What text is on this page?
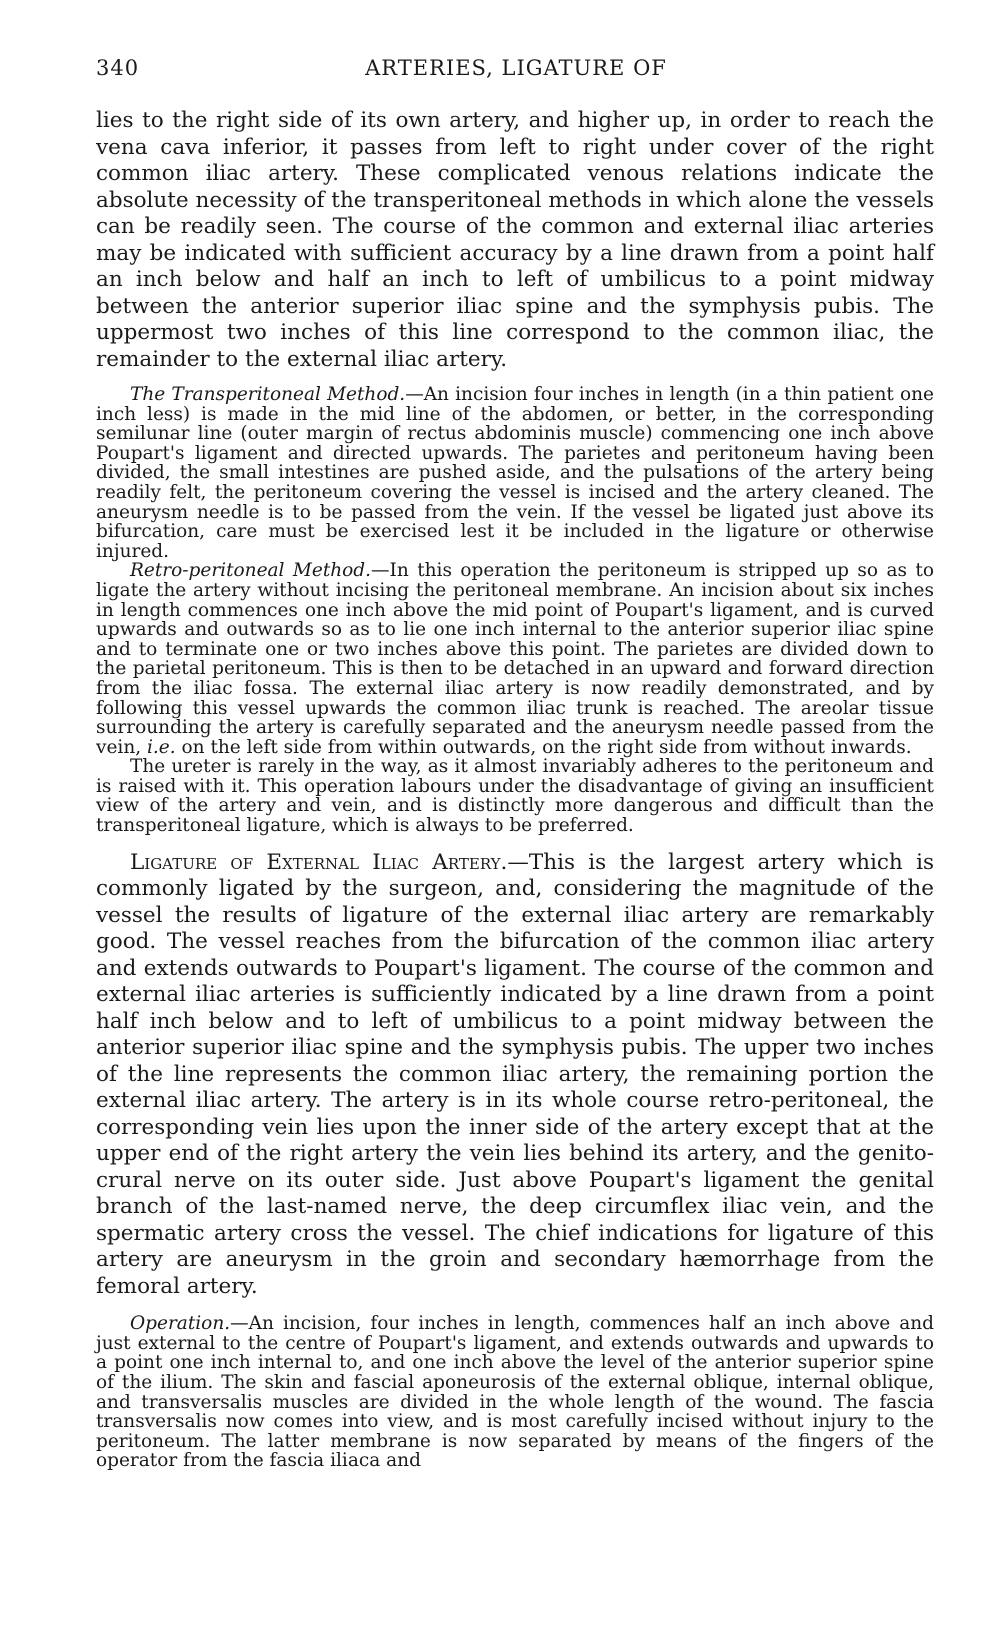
340	ARTERIES, LIGATURE OF

lies to the right side of its own artery, and higher up, in order to reach the vena cava inferior, it passes from left to right under cover of the right common iliac artery. These complicated venous relations indicate the absolute necessity of the transperitoneal methods in which alone the vessels can be readily seen. The course of the common and external iliac arteries may be indicated with sufficient accuracy by a line drawn from a point half an inch below and half an inch to left of umbilicus to a point midway between the anterior superior iliac spine and the symphysis pubis. The uppermost two inches of this line correspond to the common iliac, the remainder to the external iliac artery.

The Transperitoneal Method.—An incision four inches in length (in a thin patient one inch less) is made in the mid line of the abdomen, or better, in the corresponding semilunar line (outer margin of rectus abdominis muscle) commencing one inch above Poupart's ligament and directed upwards. The parietes and peritoneum having been divided, the small intestines are pushed aside, and the pulsations of the artery being readily felt, the peritoneum covering the vessel is incised and the artery cleaned. The aneurysm needle is to be passed from the vein. If the vessel be ligated just above its bifurcation, care must be exercised lest it be included in the ligature or otherwise injured.

Retro-peritoneal Method.—In this operation the peritoneum is stripped up so as to ligate the artery without incising the peritoneal membrane. An incision about six inches in length commences one inch above the mid point of Poupart's ligament, and is curved upwards and outwards so as to lie one inch internal to the anterior superior iliac spine and to terminate one or two inches above this point. The parietes are divided down to the parietal peritoneum. This is then to be detached in an upward and forward direction from the iliac fossa. The external iliac artery is now readily demonstrated, and by following this vessel upwards the common iliac trunk is reached. The areolar tissue surrounding the artery is carefully separated and the aneurysm needle passed from the vein, i.e. on the left side from within outwards, on the right side from without inwards.

The ureter is rarely in the way, as it almost invariably adheres to the peritoneum and is raised with it. This operation labours under the disadvantage of giving an insufficient view of the artery and vein, and is distinctly more dangerous and difficult than the transperitoneal ligature, which is always to be preferred.

Ligature of External Iliac Artery.—This is the largest artery which is commonly ligated by the surgeon, and, considering the magnitude of the vessel the results of ligature of the external iliac artery are remarkably good. The vessel reaches from the bifurcation of the common iliac artery and extends outwards to Poupart's ligament. The course of the common and external iliac arteries is sufficiently indicated by a line drawn from a point half inch below and to left of umbilicus to a point midway between the anterior superior iliac spine and the symphysis pubis. The upper two inches of the line represents the common iliac artery, the remaining portion the external iliac artery. The artery is in its whole course retro-peritoneal, the corresponding vein lies upon the inner side of the artery except that at the upper end of the right artery the vein lies behind its artery, and the genito-crural nerve on its outer side. Just above Poupart's ligament the genital branch of the last-named nerve, the deep circumflex iliac vein, and the spermatic artery cross the vessel. The chief indications for ligature of this artery are aneurysm in the groin and secondary hæmorrhage from the femoral artery.

Operation.—An incision, four inches in length, commences half an inch above and just external to the centre of Poupart's ligament, and extends outwards and upwards to a point one inch internal to, and one inch above the level of the anterior superior spine of the ilium. The skin and fascial aponeurosis of the external oblique, internal oblique, and transversalis muscles are divided in the whole length of the wound. The fascia transversalis now comes into view, and is most carefully incised without injury to the peritoneum. The latter membrane is now separated by means of the fingers of the operator from the fascia iliaca and
